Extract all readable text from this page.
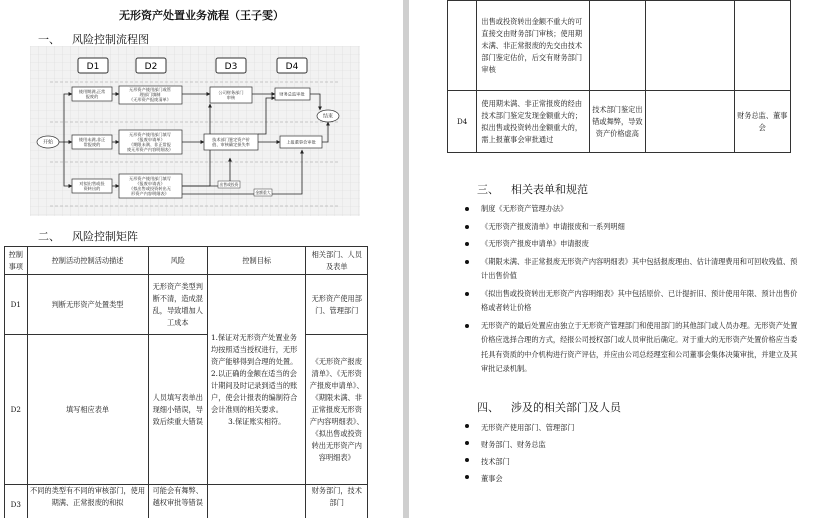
无形资产处置业务流程（王子雯）
一、 风险控制流程图
D1	D2	D3	D4
开始
结束
使用期满,正常
报废的
使用未满,非正
常报废的
对拟出售或投
资转出的
无形资产使用部门或管
理部门填制
《无形资产报废清单》
无形资产使用部门填写
《报废申请单》
《期限未满、非正常报
废无形资产内容明细表》
无形资产使用部门填写
《报废申请表》
《拟出售或投资转出无
形资产内容明细表》
公司财务部门
审核
技术部门鉴定资产价
值、审核确定损失率
财务总监审批
上报董事会审批
出售或投资
金额重大
二、 风险控制矩阵
控制事项	控制活动控制活动描述	风险	控制目标	相关部门、人员及表单
D1	判断无形资产处置类型	无形资产类型判断不清，造成混乱，导致增加人工成本	1.保证对无形资产处置业务均按照适当授权进行，无形资产能够得到合理的处置。
2.以正确的金额在适当的会计期间及时记录到适当的账户，使会计报表的编制符合会计准则的相关要求。
3.保证账实相符。	无形资产使用部门、管理部门
D2	填写相应表单	人员填写表单出现细小错误，导致后续重大错误		《无形资产报废清单》、《无形资产报废申请单》、《期限未满、非正常报废无形资产内容明细表》、《拟出售或投资转出无形资产内容明细表》
D3	不同的类型有不同的审核部门，使用期满、正常报废的和拟	可能会有舞弊、越权审批等错误		财务部门，技术部门
	出售或投资转出金额不重大的可直接交由财务部门审核；使用期未满、非正常报废的先交由技术部门鉴定估价，后交有财务部门审核			
D4	使用期未满、非正常报废的经由技术部门鉴定发现金额重大的；拟出售或投资转出金额重大的，需上报董事会审批通过	技术部门鉴定出错或舞弊，导致资产价格虚高		财务总监、董事会
三、 相关表单和规范
制度《无形资产管理办法》
《无形资产报废清单》申请报废和一系列明细
《无形资产报废申请单》申请报废
《期限未满、非正常报废无形资产内容明细表》其中包括报废理由、估计清理费用和可回收残值、预计出售价值
《拟出售或投资转出无形资产内容明细表》其中包括原价、已计提折旧、预计使用年限、预计出售价格或者转让价格
无形资产的最后处置应由独立于无形资产管理部门和使用部门的其他部门或人员办理。无形资产处置价格应选择合理的方式，经报公司授权部门或人员审批后确定。对于重大的无形资产处置价格应当委托具有资质的中介机构进行资产评估，并应由公司总经理室和公司董事会集体决策审批，并建立及其审批记录机制。
四、 涉及的相关部门及人员
无形资产使用部门、管理部门
财务部门、财务总监
技术部门
董事会
